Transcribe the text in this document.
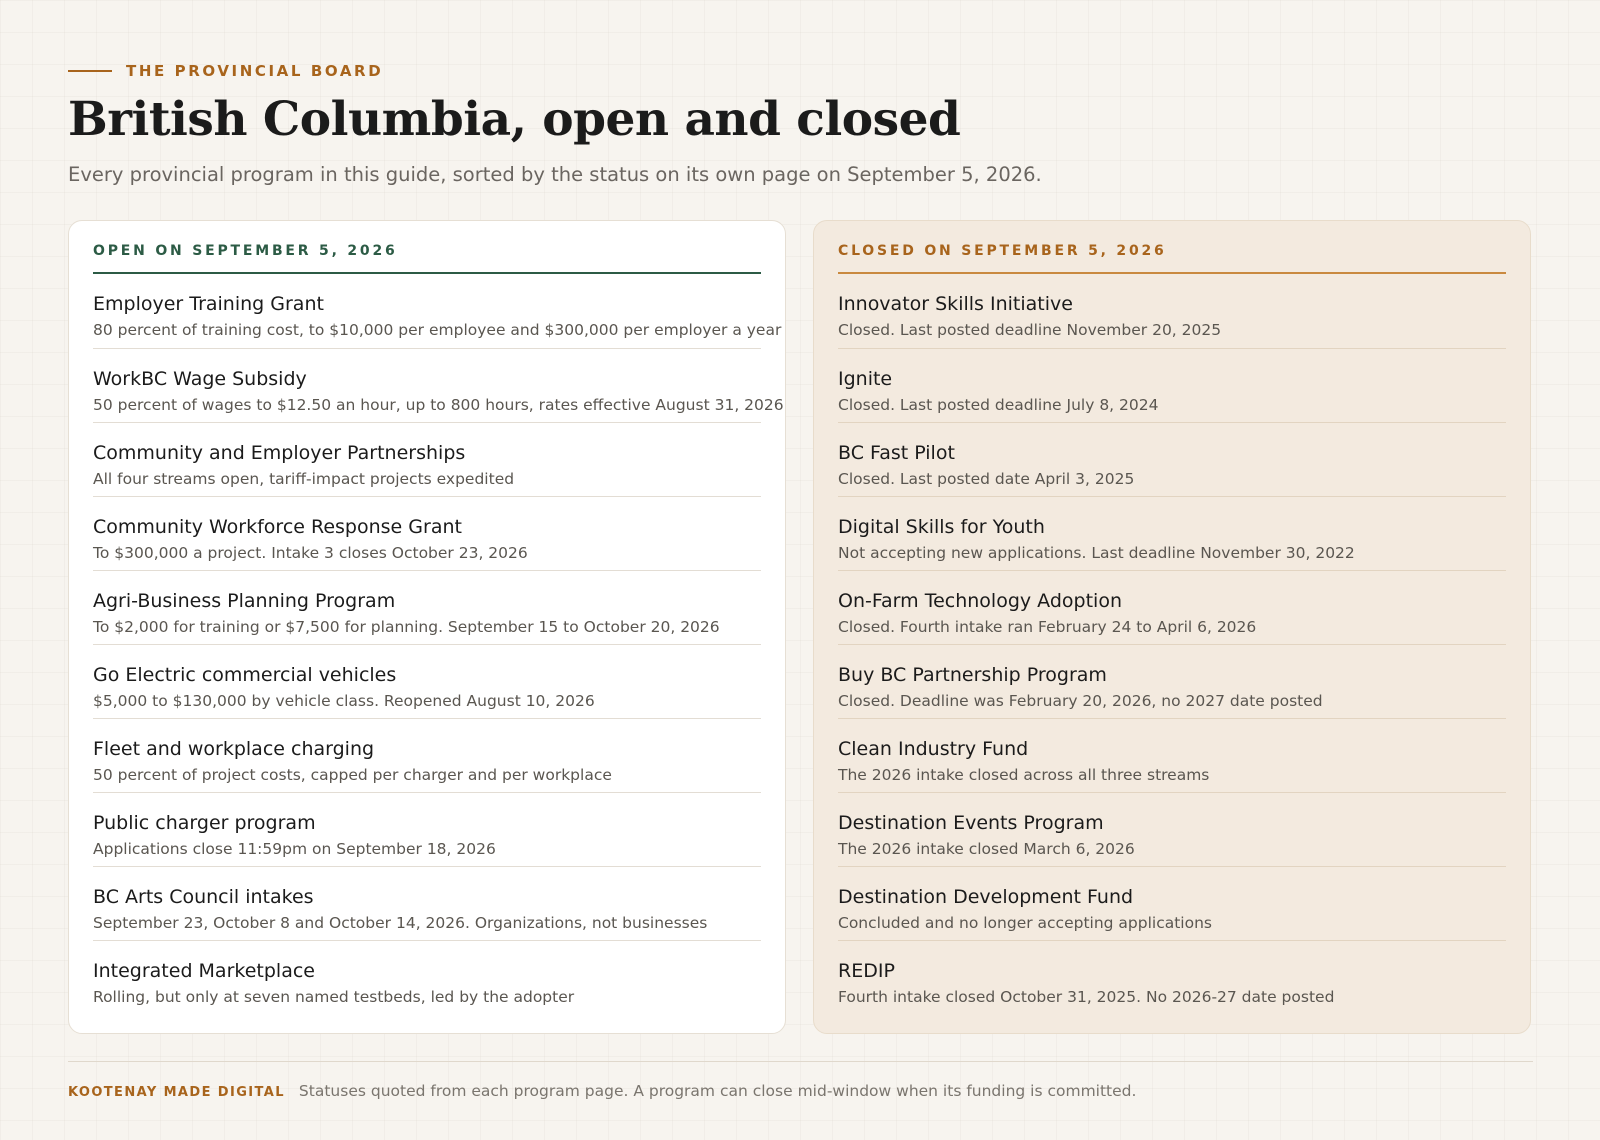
THE PROVINCIAL BOARD
British Columbia, open and closed
Every provincial program in this guide, sorted by the status on its own page on September 5, 2026.
OPEN ON SEPTEMBER 5, 2026
Employer Training Grant
80 percent of training cost, to $10,000 per employee and $300,000 per employer a year
WorkBC Wage Subsidy
50 percent of wages to $12.50 an hour, up to 800 hours, rates effective August 31, 2026
Community and Employer Partnerships
All four streams open, tariff-impact projects expedited
Community Workforce Response Grant
To $300,000 a project. Intake 3 closes October 23, 2026
Agri-Business Planning Program
To $2,000 for training or $7,500 for planning. September 15 to October 20, 2026
Go Electric commercial vehicles
$5,000 to $130,000 by vehicle class. Reopened August 10, 2026
Fleet and workplace charging
50 percent of project costs, capped per charger and per workplace
Public charger program
Applications close 11:59pm on September 18, 2026
BC Arts Council intakes
September 23, October 8 and October 14, 2026. Organizations, not businesses
Integrated Marketplace
Rolling, but only at seven named testbeds, led by the adopter
CLOSED ON SEPTEMBER 5, 2026
Innovator Skills Initiative
Closed. Last posted deadline November 20, 2025
Ignite
Closed. Last posted deadline July 8, 2024
BC Fast Pilot
Closed. Last posted date April 3, 2025
Digital Skills for Youth
Not accepting new applications. Last deadline November 30, 2022
On-Farm Technology Adoption
Closed. Fourth intake ran February 24 to April 6, 2026
Buy BC Partnership Program
Closed. Deadline was February 20, 2026, no 2027 date posted
Clean Industry Fund
The 2026 intake closed across all three streams
Destination Events Program
The 2026 intake closed March 6, 2026
Destination Development Fund
Concluded and no longer accepting applications
REDIP
Fourth intake closed October 31, 2025. No 2026-27 date posted
KOOTENAY MADE DIGITAL Statuses quoted from each program page. A program can close mid-window when its funding is committed.
